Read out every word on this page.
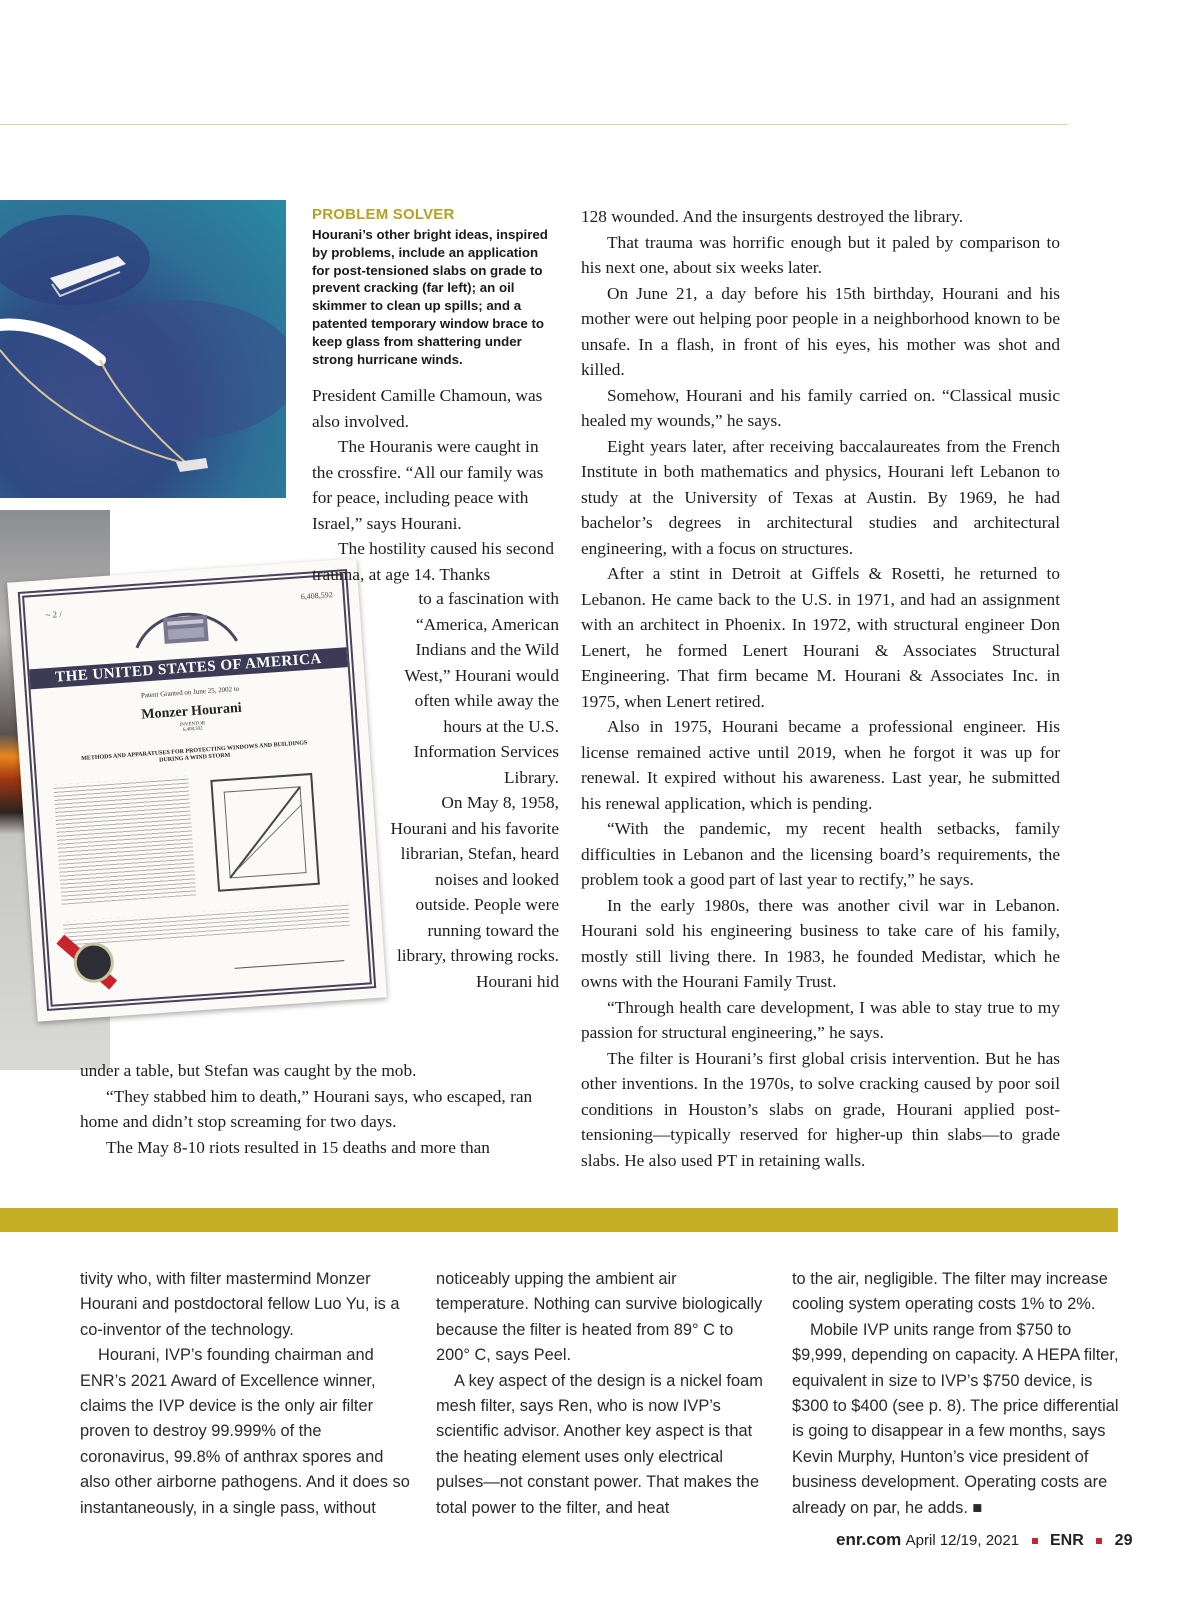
~ 2 /
6,408,592
THE UNITED STATES OF AMERICA
Patent Granted on June 25, 2002 to
Monzer Hourani
INVENTOR
6,408,592
METHODS AND APPARATUSES FOR PROTECTING WINDOWS AND BUILDINGS DURING A WIND STORM
PROBLEM SOLVER
Hourani’s other bright ideas, inspired by problems, include an application for post-tensioned slabs on grade to prevent cracking (far left); an oil skimmer to clean up spills; and a patented temporary window brace to keep glass from shattering under strong hurricane winds.

President Camille Chamoun, was also involved.

The Houranis were caught in the crossfire. “All our family was for peace, including peace with Israel,” says Hourani.

The hostility caused his second trauma, at age 14. Thanks

to a fascination with “America, American Indians and the Wild West,” Hourani would often while away the hours at the U.S. Information Services Library.

On May 8, 1958, Hourani and his favorite librarian, Stefan, heard noises and looked outside. People were running toward the library, throwing rocks. Hourani hid

under a table, but Stefan was caught by the mob.

“They stabbed him to death,” Hourani says, who escaped, ran home and didn’t stop screaming for two days.

The May 8-10 riots resulted in 15 deaths and more than

128 wounded. And the insurgents destroyed the library.

That trauma was horrific enough but it paled by comparison to his next one, about six weeks later.

On June 21, a day before his 15th birthday, Hourani and his mother were out helping poor people in a neighborhood known to be unsafe. In a flash, in front of his eyes, his mother was shot and killed.

Somehow, Hourani and his family carried on. “Classical music healed my wounds,” he says.

Eight years later, after receiving baccalaureates from the French Institute in both mathematics and physics, Hourani left Lebanon to study at the University of Texas at Austin. By 1969, he had bachelor’s degrees in architectural studies and architectural engineering, with a focus on structures.

After a stint in Detroit at Giffels & Rosetti, he returned to Lebanon. He came back to the U.S. in 1971, and had an assignment with an architect in Phoenix. In 1972, with structural engineer Don Lenert, he formed Lenert Hourani & Associates Structural Engineering. That firm became M. Hourani & Associates Inc. in 1975, when Lenert retired.

Also in 1975, Hourani became a professional engineer. His license remained active until 2019, when he forgot it was up for renewal. It expired without his awareness. Last year, he submitted his renewal application, which is pending.

“With the pandemic, my recent health setbacks, family difficulties in Lebanon and the licensing board’s requirements, the problem took a good part of last year to rectify,” he says.

In the early 1980s, there was another civil war in Lebanon. Hourani sold his engineering business to take care of his family, mostly still living there. In 1983, he founded Medistar, which he owns with the Hourani Family Trust.

“Through health care development, I was able to stay true to my passion for structural engineering,” he says.

The filter is Hourani’s first global crisis intervention. But he has other inventions. In the 1970s, to solve cracking caused by poor soil conditions in Houston’s slabs on grade, Hourani applied post-tensioning—typically reserved for higher-up thin slabs—to grade slabs. He also used PT in retaining walls.

tivity who, with filter mastermind Monzer Hourani and postdoctoral fellow Luo Yu, is a co-inventor of the technology.

Hourani, IVP’s founding chairman and ENR’s 2021 Award of Excellence winner, claims the IVP device is the only air filter proven to destroy 99.999% of the coronavirus, 99.8% of anthrax spores and also other airborne pathogens. And it does so instantaneously, in a single pass, without

noticeably upping the ambient air temperature. Nothing can survive biologically because the filter is heated from 89° C to 200° C, says Peel.

A key aspect of the design is a nickel foam mesh filter, says Ren, who is now IVP’s scientific advisor. Another key aspect is that the heating element uses only electrical pulses—not constant power. That makes the total power to the filter, and heat

to the air, negligible. The filter may increase cooling system operating costs 1% to 2%.

Mobile IVP units range from $750 to $9,999, depending on capacity. A HEPA filter, equivalent in size to IVP’s $750 device, is $300 to $400 (see p. 8). The price differential is going to disappear in a few months, says Kevin Murphy, Hunton’s vice president of business development. Operating costs are already on par, he adds. ■

enr.com April 12/19, 2021 ENR 29
